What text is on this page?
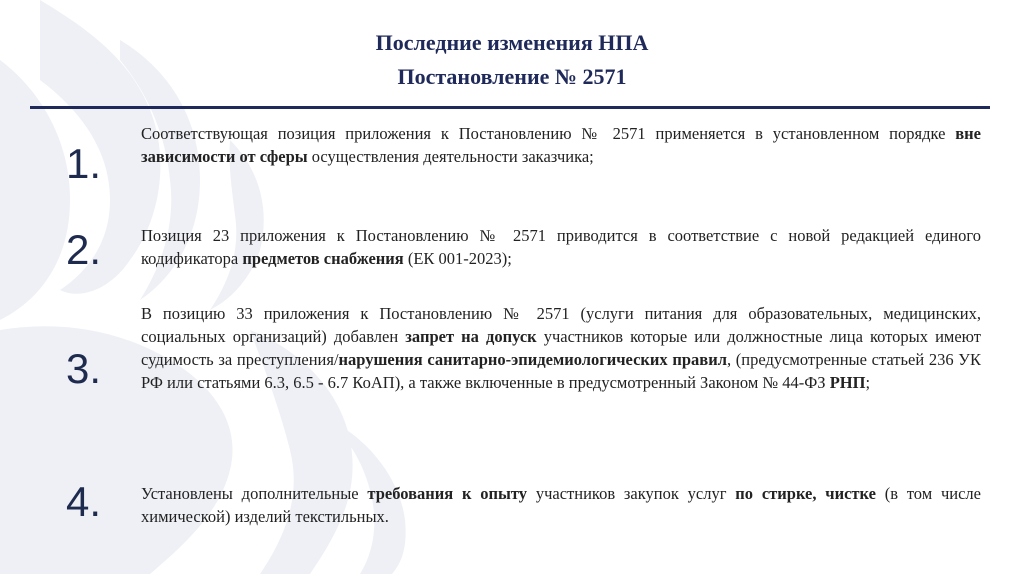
Последние изменения НПА
Постановление № 2571
1.
Соответствующая позиция приложения к Постановлению № 2571 применяется в установленном порядке вне зависимости от сферы осуществления деятельности заказчика;
2.	Позиция 23 приложения к Постановлению № 2571 приводится в соответствие с новой редакцией единого кодификатора предметов снабжения (ЕК 001-2023);
3.
В позицию 33 приложения к Постановлению № 2571 (услуги питания для образовательных, медицинских, социальных организаций) добавлен запрет на допуск участников которые или должностные лица которых имеют судимость за преступления/нарушения санитарно-эпидемиологических правил, (предусмотренные статьей 236 УК РФ или статьями 6.3, 6.5 - 6.7 КоАП), а также включенные в предусмотренный Законом № 44-ФЗ РНП;
4.	Установлены дополнительные требования к опыту участников закупок услуг по стирке, чистке (в том числе химической) изделий текстильных.
